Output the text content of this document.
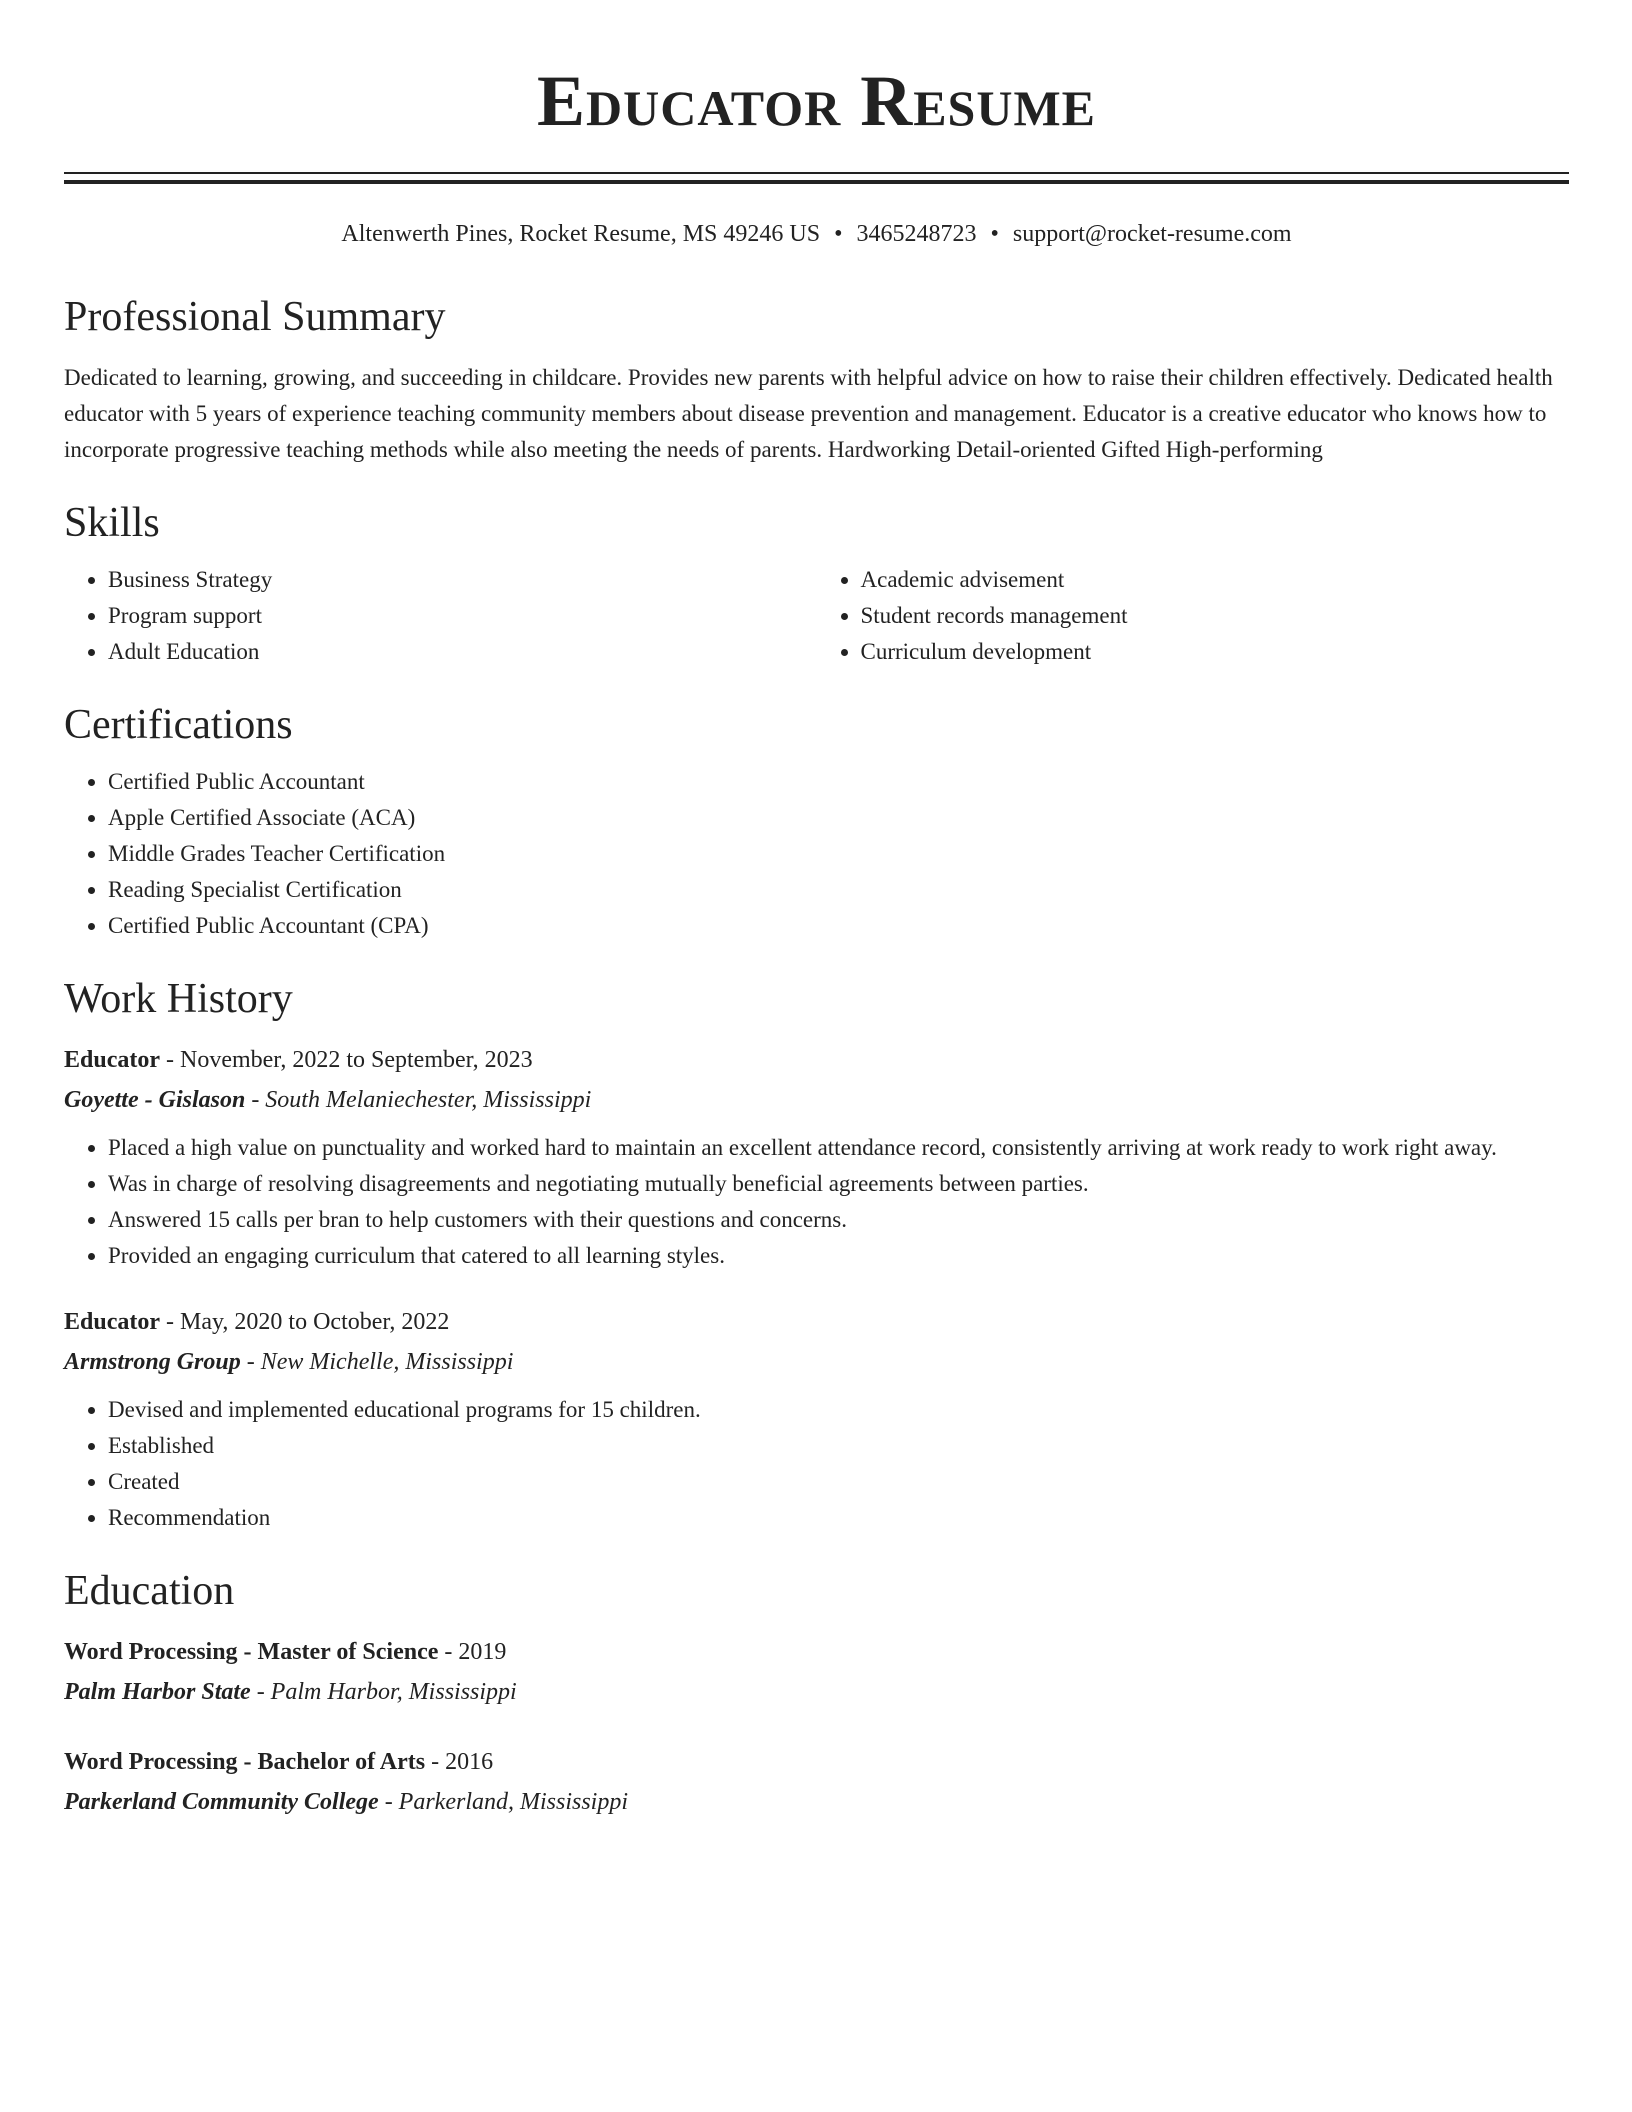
Educator Resume
Altenwerth Pines, Rocket Resume, MS 49246 US • 3465248723 • support@rocket-resume.com
Professional Summary

Dedicated to learning, growing, and succeeding in childcare. Provides new parents with helpful advice on how to raise their children effectively. Dedicated health educator with 5 years of experience teaching community members about disease prevention and management. Educator is a creative educator who knows how to incorporate progressive teaching methods while also meeting the needs of parents. Hardworking Detail-oriented Gifted High-performing

Skills
• Business Strategy
• Program support
• Adult Education
• Academic advisement
• Student records management
• Curriculum development
Certifications
• Certified Public Accountant
• Apple Certified Associate (ACA)
• Middle Grades Teacher Certification
• Reading Specialist Certification
• Certified Public Accountant (CPA)
Work History
Educator - November, 2022 to September, 2023
Goyette - Gislason - South Melaniechester, Mississippi
• Placed a high value on punctuality and worked hard to maintain an excellent attendance record, consistently arriving at work ready to work right away.
• Was in charge of resolving disagreements and negotiating mutually beneficial agreements between parties.
• Answered 15 calls per bran to help customers with their questions and concerns.
• Provided an engaging curriculum that catered to all learning styles.
Educator - May, 2020 to October, 2022
Armstrong Group - New Michelle, Mississippi
• Devised and implemented educational programs for 15 children.
• Established
• Created
• Recommendation
Education
Word Processing - Master of Science - 2019
Palm Harbor State - Palm Harbor, Mississippi
Word Processing - Bachelor of Arts - 2016
Parkerland Community College - Parkerland, Mississippi
